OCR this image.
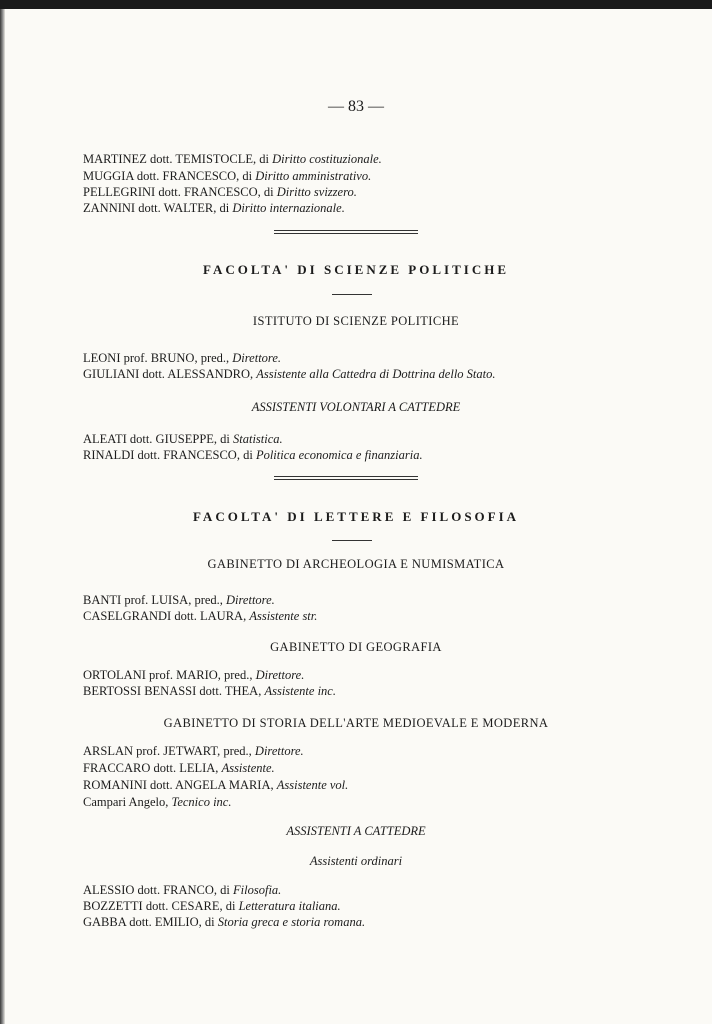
— 83 —
MARTINEZ dott. TEMISTOCLE, di Diritto costituzionale.
MUGGIA dott. FRANCESCO, di Diritto amministrativo.
PELLEGRINI dott. FRANCESCO, di Diritto svizzero.
ZANNINI dott. WALTER, di Diritto internazionale.
FACOLTA' DI SCIENZE POLITICHE
ISTITUTO DI SCIENZE POLITICHE
LEONI prof. BRUNO, pred., Direttore.
GIULIANI dott. ALESSANDRO, Assistente alla Cattedra di Dottrina dello Stato.
ASSISTENTI VOLONTARI A CATTEDRE
ALEATI dott. GIUSEPPE, di Statistica.
RINALDI dott. FRANCESCO, di Politica economica e finanziaria.
FACOLTA' DI LETTERE E FILOSOFIA
GABINETTO DI ARCHEOLOGIA E NUMISMATICA
BANTI prof. LUISA, pred., Direttore.
CASELGRANDI dott. LAURA, Assistente str.
GABINETTO DI GEOGRAFIA
ORTOLANI prof. MARIO, pred., Direttore.
BERTOSSI BENASSI dott. THEA, Assistente inc.
GABINETTO DI STORIA DELL'ARTE MEDIOEVALE E MODERNA
ARSLAN prof. JETWART, pred., Direttore.
FRACCARO dott. LELIA, Assistente.
ROMANINI dott. ANGELA MARIA, Assistente vol.
Campari Angelo, Tecnico inc.
ASSISTENTI A CATTEDRE
Assistenti ordinari
ALESSIO dott. FRANCO, di Filosofia.
BOZZETTI dott. CESARE, di Letteratura italiana.
GABBA dott. EMILIO, di Storia greca e storia romana.
